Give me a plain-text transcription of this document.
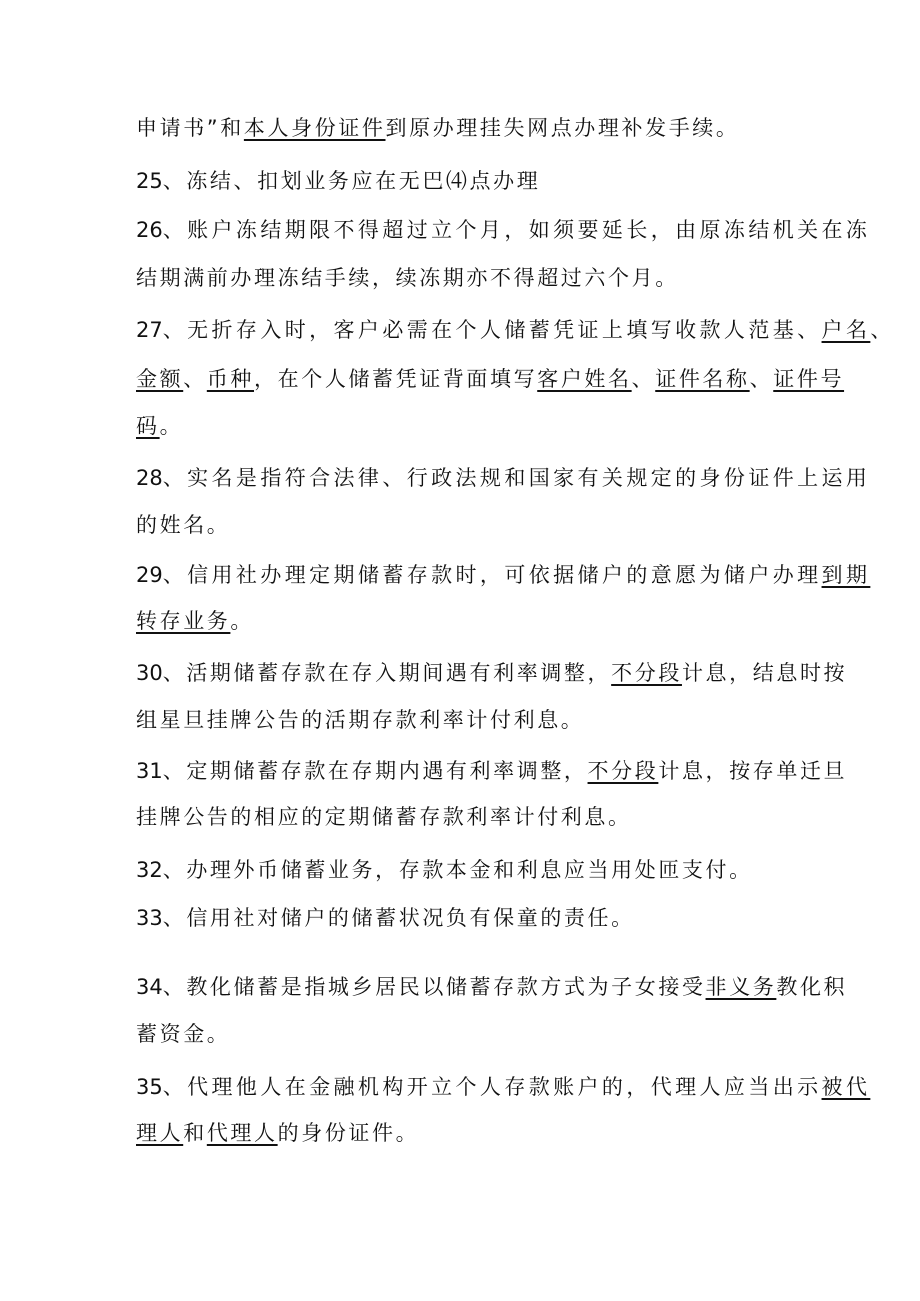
申请书”和本人身份证件到原办理挂失网点办理补发手续。
25、冻结、扣划业务应在无巴⑷点办理
26、账户冻结期限不得超过立个月，如须要延长，由原冻结机关在冻
结期满前办理冻结手续，续冻期亦不得超过六个月。
27、无折存入时，客户必需在个人储蓄凭证上填写收款人范基、户名、
金额、币种，在个人储蓄凭证背面填写客户姓名、证件名称、证件号
码。
28、实名是指符合法律、行政法规和国家有关规定的身份证件上运用
的姓名。
29、信用社办理定期储蓄存款时，可依据储户的意愿为储户办理到期
转存业务。
30、活期储蓄存款在存入期间遇有利率调整，不分段计息，结息时按
组星旦挂牌公告的活期存款利率计付利息。
31、定期储蓄存款在存期内遇有利率调整，不分段计息，按存单迁旦
挂牌公告的相应的定期储蓄存款利率计付利息。
32、办理外币储蓄业务，存款本金和利息应当用处匝支付。
33、信用社对储户的储蓄状况负有保童的责任。
34、教化储蓄是指城乡居民以储蓄存款方式为子女接受非义务教化积
蓄资金。
35、代理他人在金融机构开立个人存款账户的，代理人应当出示被代
理人和代理人的身份证件。
